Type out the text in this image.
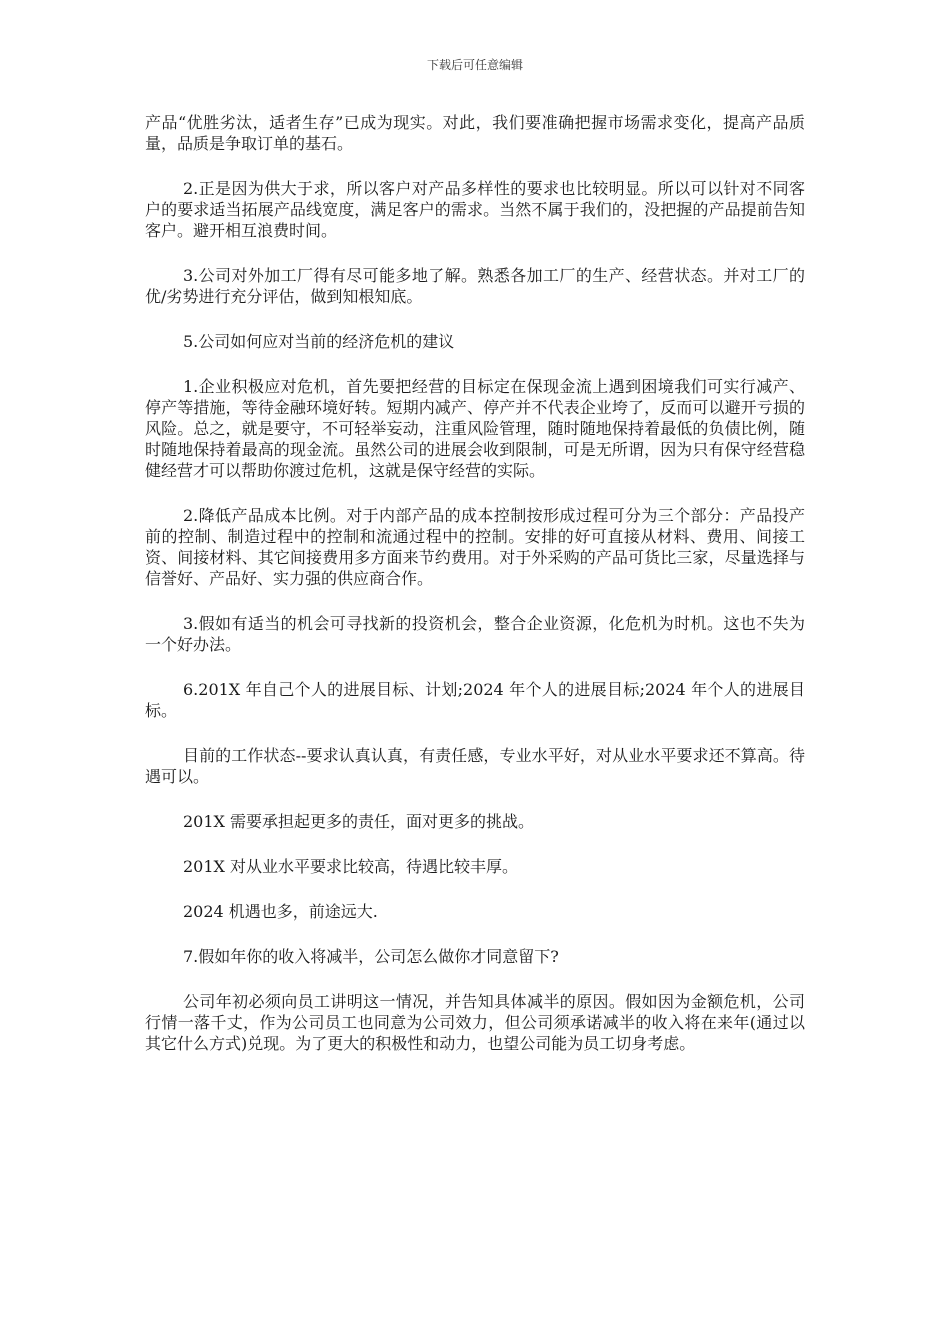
下载后可任意编辑

产品“优胜劣汰，适者生存”已成为现实。对此，我们要准确把握市场需求变化，提高产品质量，品质是争取订单的基石。

2.正是因为供大于求，所以客户对产品多样性的要求也比较明显。所以可以针对不同客户的要求适当拓展产品线宽度，满足客户的需求。当然不属于我们的，没把握的产品提前告知客户。避开相互浪费时间。

3.公司对外加工厂得有尽可能多地了解。熟悉各加工厂的生产、经营状态。并对工厂的优/劣势进行充分评估，做到知根知底。

5.公司如何应对当前的经济危机的建议

1.企业积极应对危机，首先要把经营的目标定在保现金流上遇到困境我们可实行减产、停产等措施，等待金融环境好转。短期内减产、停产并不代表企业垮了，反而可以避开亏损的风险。总之，就是要守，不可轻举妄动，注重风险管理，随时随地保持着最低的负债比例，随时随地保持着最高的现金流。虽然公司的进展会收到限制，可是无所谓，因为只有保守经营稳健经营才可以帮助你渡过危机，这就是保守经营的实际。

2.降低产品成本比例。对于内部产品的成本控制按形成过程可分为三个部分：产品投产前的控制、制造过程中的控制和流通过程中的控制。安排的好可直接从材料、费用、间接工资、间接材料、其它间接费用多方面来节约费用。对于外采购的产品可货比三家，尽量选择与信誉好、产品好、实力强的供应商合作。

3.假如有适当的机会可寻找新的投资机会，整合企业资源，化危机为时机。这也不失为一个好办法。

6.201X 年自己个人的进展目标、计划;2024 年个人的进展目标;2024 年个人的进展目标。

目前的工作状态--要求认真认真，有责任感，专业水平好，对从业水平要求还不算高。待遇可以。

201X 需要承担起更多的责任，面对更多的挑战。

201X 对从业水平要求比较高，待遇比较丰厚。

2024 机遇也多，前途远大.

7.假如年你的收入将减半，公司怎么做你才同意留下?

公司年初必须向员工讲明这一情况，并告知具体减半的原因。假如因为金额危机，公司行情一落千丈，作为公司员工也同意为公司效力，但公司须承诺减半的收入将在来年(通过以其它什么方式)兑现。为了更大的积极性和动力，也望公司能为员工切身考虑。
